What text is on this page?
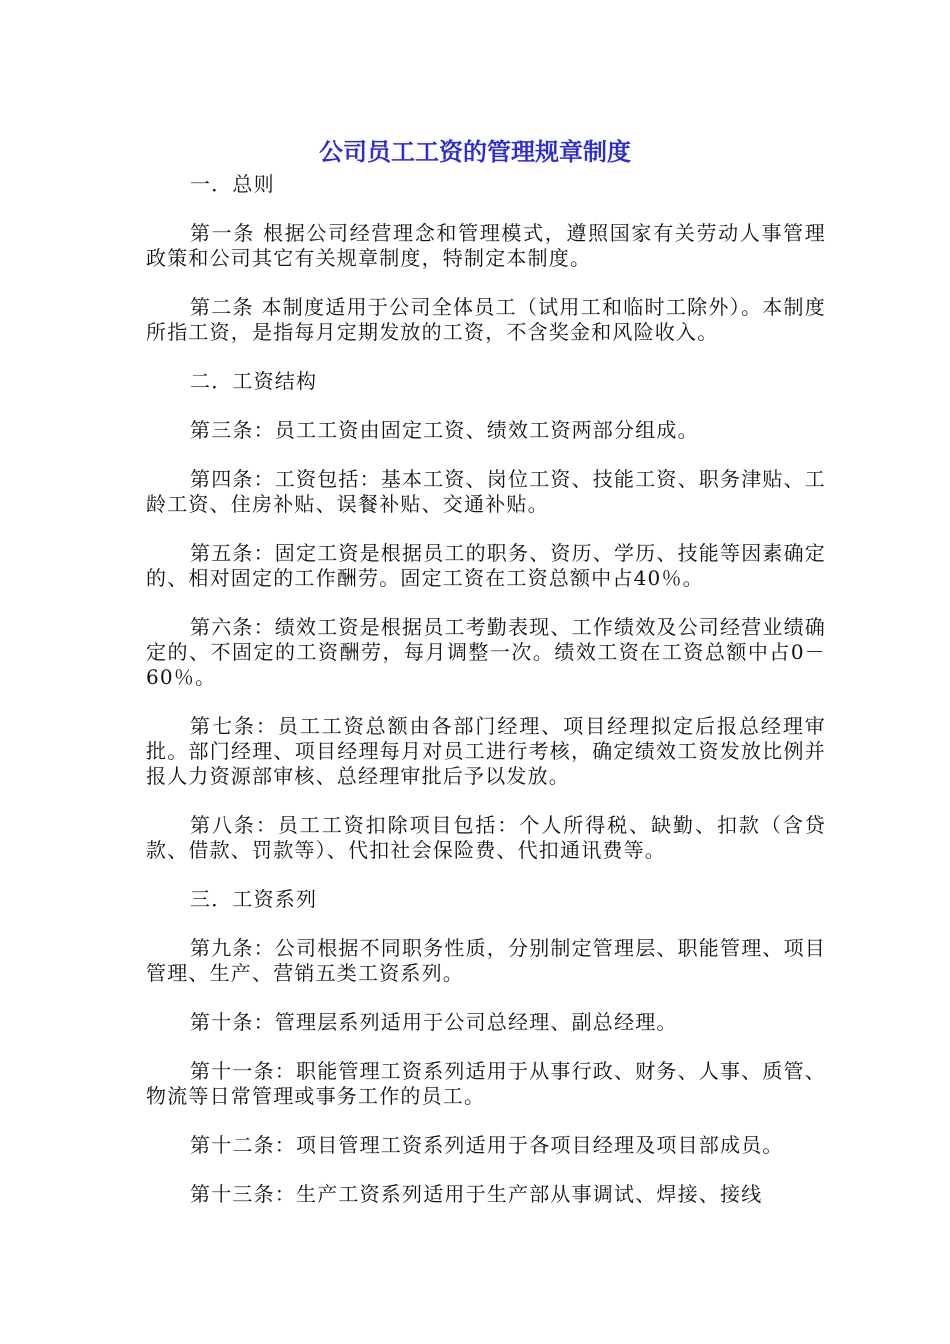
公司员工工资的管理规章制度

一．总则

第一条 根据公司经营理念和管理模式，遵照国家有关劳动人事管理政策和公司其它有关规章制度，特制定本制度。

第二条 本制度适用于公司全体员工（试用工和临时工除外）。本制度所指工资，是指每月定期发放的工资，不含奖金和风险收入。

二．工资结构

第三条：员工工资由固定工资、绩效工资两部分组成。

第四条：工资包括：基本工资、岗位工资、技能工资、职务津贴、工龄工资、住房补贴、误餐补贴、交通补贴。

第五条：固定工资是根据员工的职务、资历、学历、技能等因素确定的、相对固定的工作酬劳。固定工资在工资总额中占40％。

第六条：绩效工资是根据员工考勤表现、工作绩效及公司经营业绩确定的、不固定的工资酬劳，每月调整一次。绩效工资在工资总额中占0－60％。

第七条：员工工资总额由各部门经理、项目经理拟定后报总经理审批。部门经理、项目经理每月对员工进行考核，确定绩效工资发放比例并报人力资源部审核、总经理审批后予以发放。

第八条：员工工资扣除项目包括：个人所得税、缺勤、扣款（含贷款、借款、罚款等）、代扣社会保险费、代扣通讯费等。

三．工资系列

第九条：公司根据不同职务性质，分别制定管理层、职能管理、项目管理、生产、营销五类工资系列。

第十条：管理层系列适用于公司总经理、副总经理。

第十一条：职能管理工资系列适用于从事行政、财务、人事、质管、物流等日常管理或事务工作的员工。

第十二条：项目管理工资系列适用于各项目经理及项目部成员。

第十三条：生产工资系列适用于生产部从事调试、焊接、接线
